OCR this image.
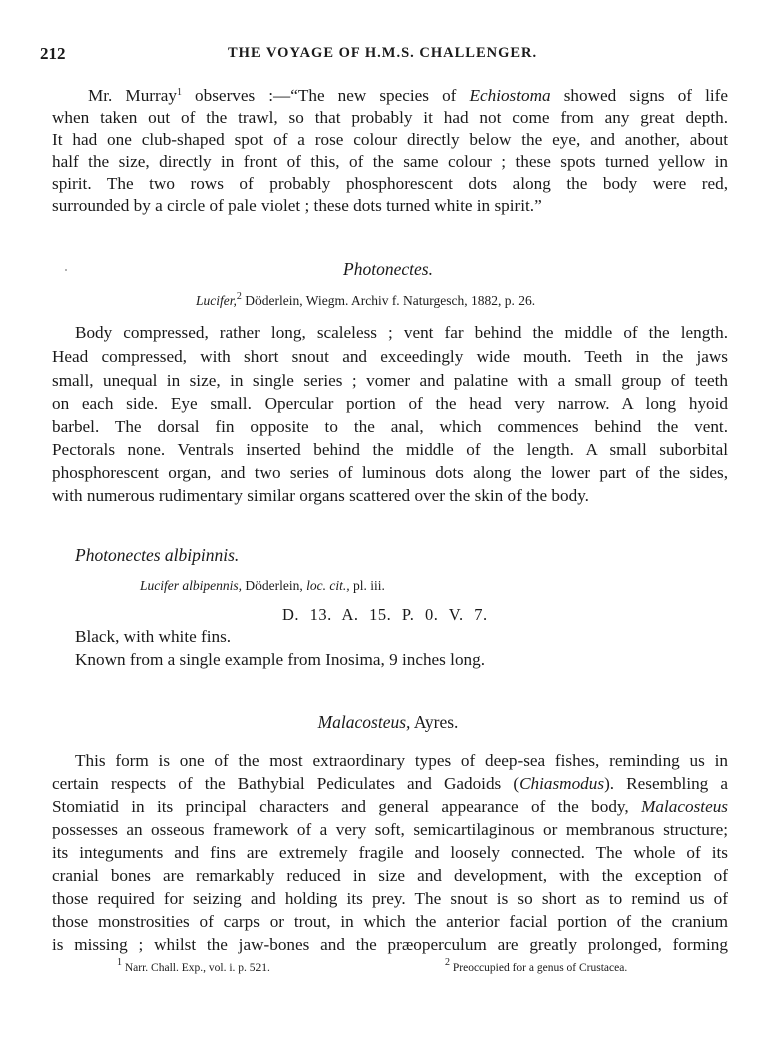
212	THE VOYAGE OF H.M.S. CHALLENGER.
Mr. Murray$^1$ observes :—“The new species of Echiostoma showed signs of life
when taken out of the trawl, so that probably it had not come from any great depth.
It had one club-shaped spot of a rose colour directly below the eye, and another, about
half the size, directly in front of this, of the same colour ; these spots turned yellow in
spirit. The two rows of probably phosphorescent dots along the body were red,
surrounded by a circle of pale violet ; these dots turned white in spirit.”
Photonectes.
Lucifer,$^2$ Döderlein, Wiegm. Archiv f. Naturgesch, 1882, p. 26.
Body compressed, rather long, scaleless ; vent far behind the middle of the length.
Head compressed, with short snout and exceedingly wide mouth. Teeth in the jaws
small, unequal in size, in single series ; vomer and palatine with a small group of teeth
on each side. Eye small. Opercular portion of the head very narrow. A long hyoid
barbel. The dorsal fin opposite to the anal, which commences behind the vent.
Pectorals none. Ventrals inserted behind the middle of the length. A small suborbital
phosphorescent organ, and two series of luminous dots along the lower part of the sides,
with numerous rudimentary similar organs scattered over the skin of the body.
Photonectes albipinnis.
Lucifer albipennis, Döderlein, loc. cit., pl. iii.
D. 13. A. 15. P. 0. V. 7.
Black, with white fins.
Known from a single example from Inosima, 9 inches long.
Malacosteus, Ayres.
This form is one of the most extraordinary types of deep-sea fishes, reminding us in
certain respects of the Bathybial Pediculates and Gadoids (Chiasmodus). Resembling a
Stomiatid in its principal characters and general appearance of the body, Malacosteus
possesses an osseous framework of a very soft, semicartilaginous or membranous structure;
its integuments and fins are extremely fragile and loosely connected. The whole of its
cranial bones are remarkably reduced in size and development, with the exception of
those required for seizing and holding its prey. The snout is so short as to remind us of
those monstrosities of carps or trout, in which the anterior facial portion of the cranium
is missing ; whilst the jaw-bones and the præoperculum are greatly prolonged, forming
$^1$ Narr. Chall. Exp., vol. i. p. 521.	$^2$ Preoccupied for a genus of Crustacea.
